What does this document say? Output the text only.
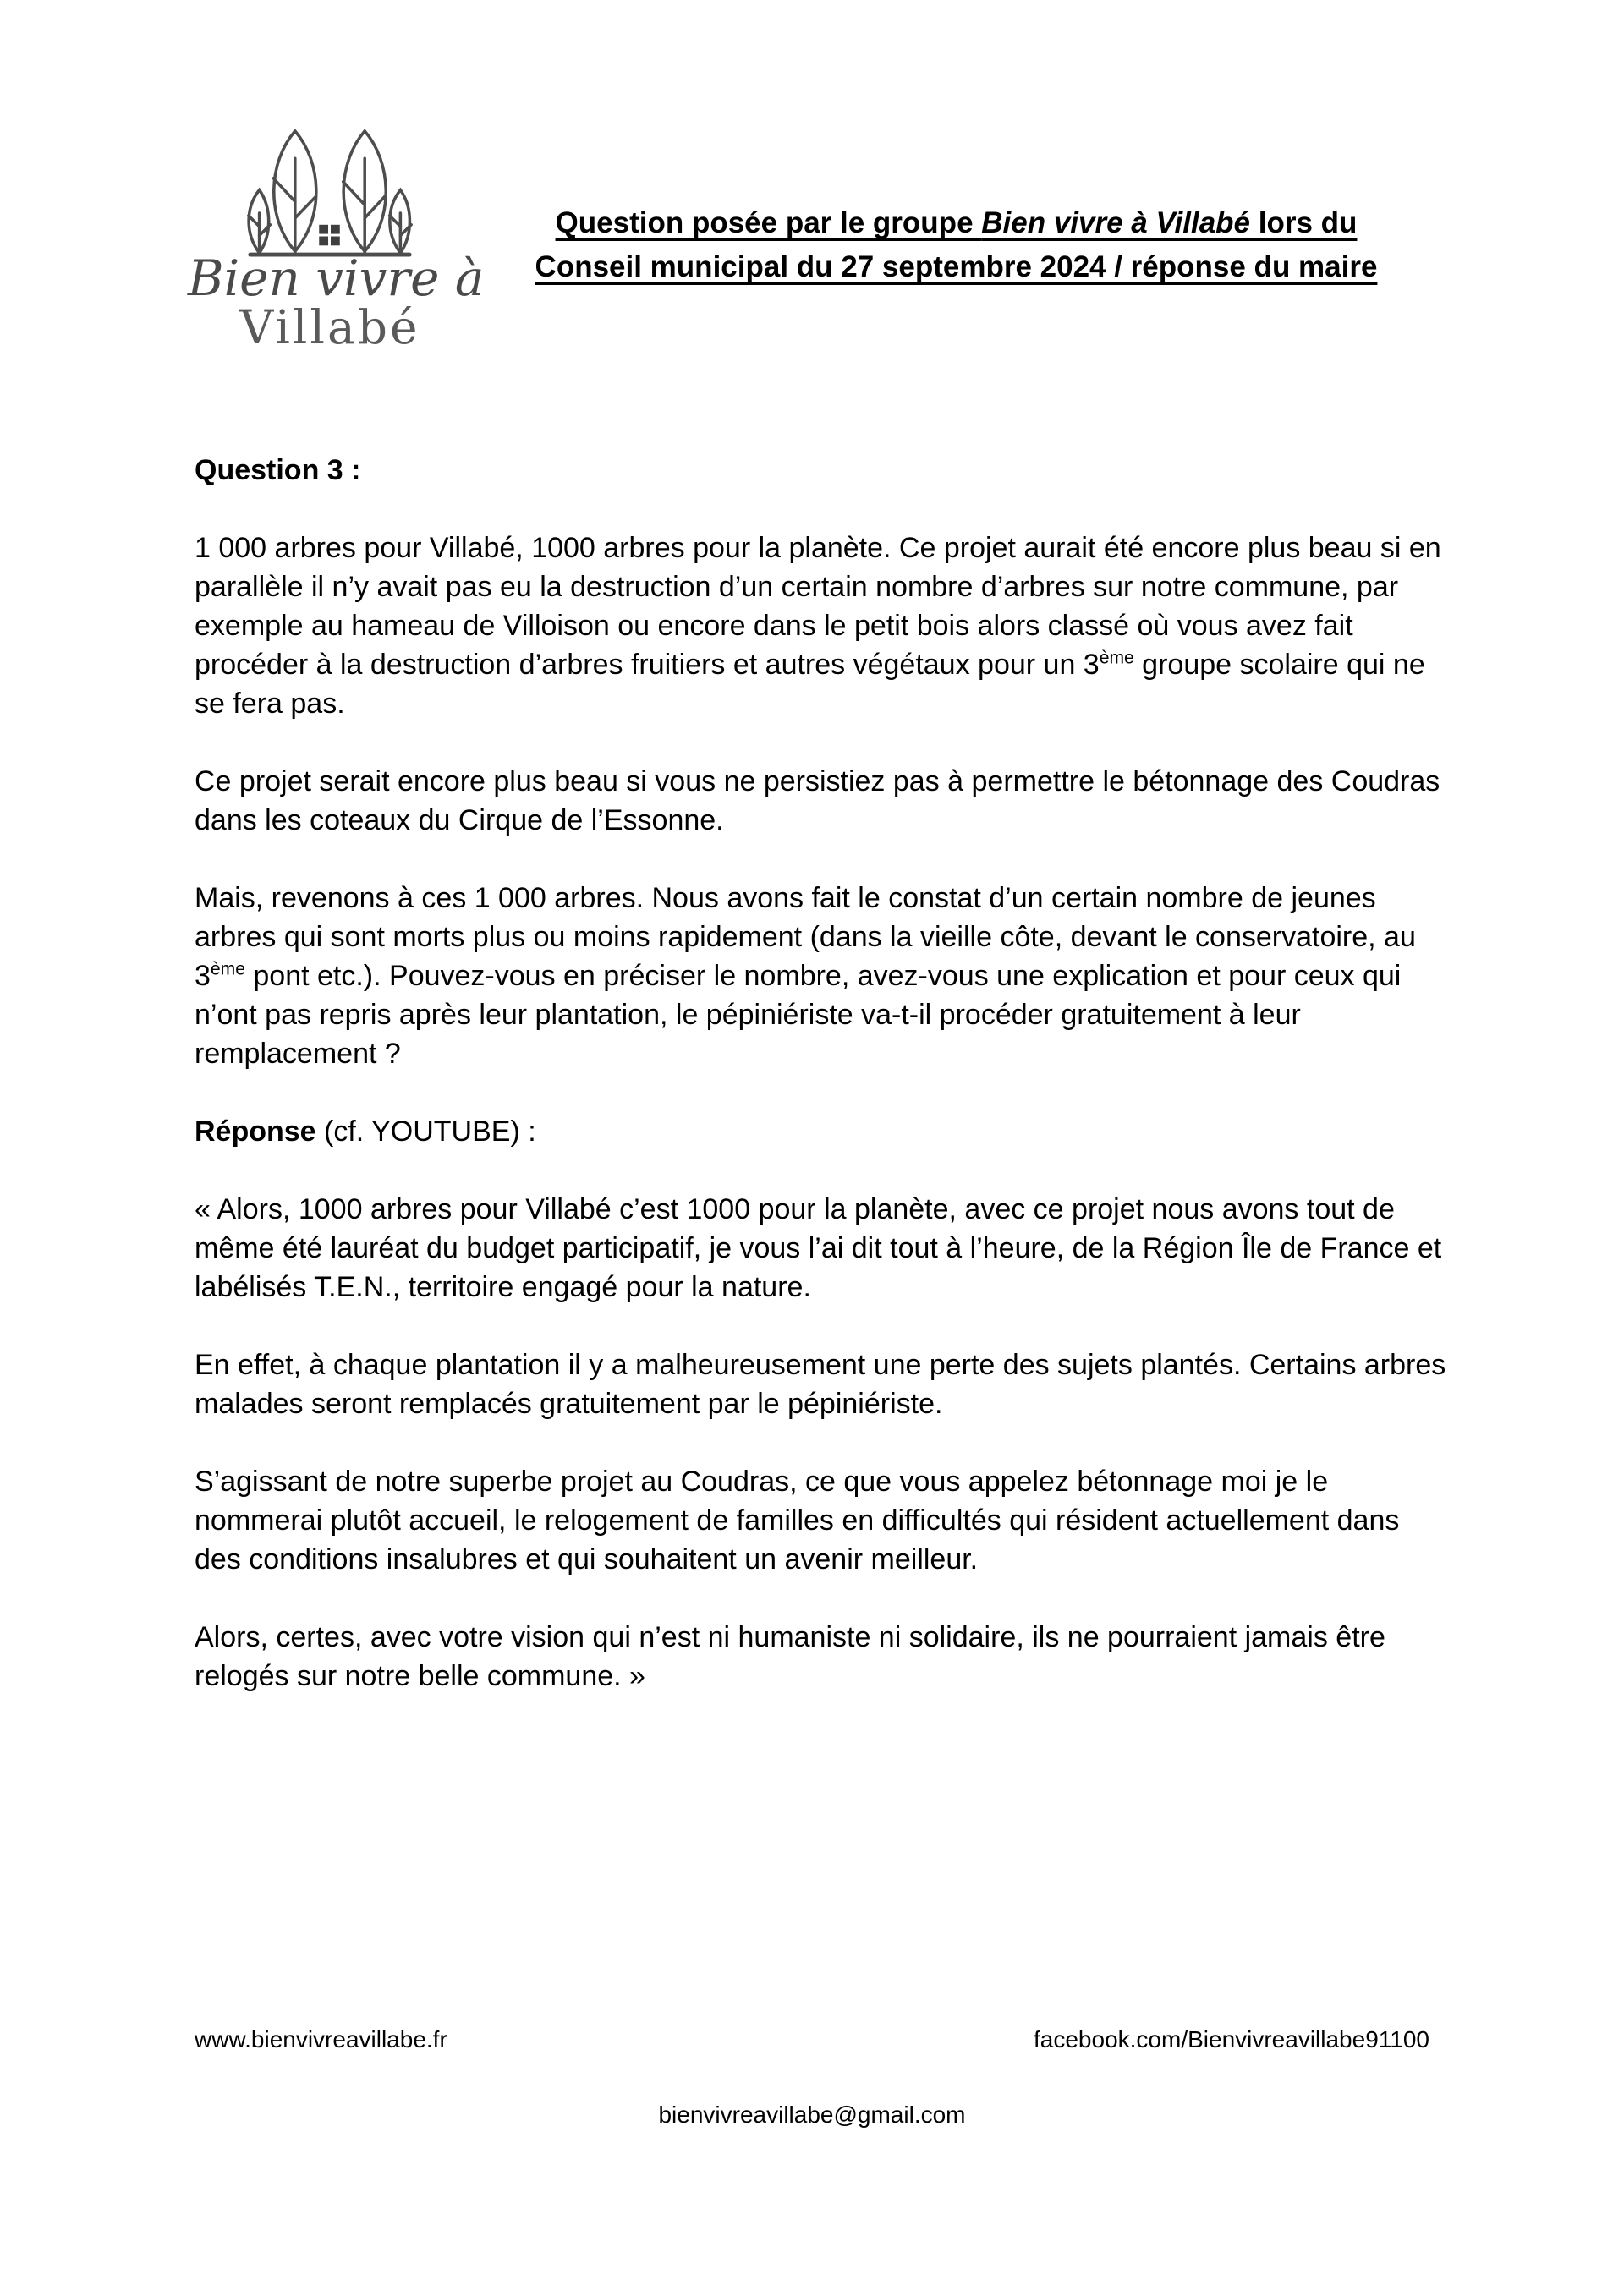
Bien vivre à
Villabé
Question posée par le groupe Bien vivre à Villabé lors du
Conseil municipal du 27 septembre 2024 / réponse du maire

Question 3 :

1 000 arbres pour Villabé, 1000 arbres pour la planète. Ce projet aurait été encore plus beau si en parallèle il n’y avait pas eu la destruction d’un certain nombre d’arbres sur notre commune, par exemple au hameau de Villoison ou encore dans le petit bois alors classé où vous avez fait procéder à la destruction d’arbres fruitiers et autres végétaux pour un 3ème groupe scolaire qui ne se fera pas.

Ce projet serait encore plus beau si vous ne persistiez pas à permettre le bétonnage des Coudras dans les coteaux du Cirque de l’Essonne.

Mais, revenons à ces 1 000 arbres. Nous avons fait le constat d’un certain nombre de jeunes arbres qui sont morts plus ou moins rapidement (dans la vieille côte, devant le conservatoire, au 3ème pont etc.). Pouvez-vous en préciser le nombre, avez-vous une explication et pour ceux qui n’ont pas repris après leur plantation, le pépiniériste va-t-il procéder gratuitement à leur remplacement ?

Réponse (cf. YOUTUBE) :

« Alors, 1000 arbres pour Villabé c’est 1000 pour la planète, avec ce projet nous avons tout de même été lauréat du budget participatif, je vous l’ai dit tout à l’heure, de la Région Île de France et labélisés T.E.N., territoire engagé pour la nature.

En effet, à chaque plantation il y a malheureusement une perte des sujets plantés. Certains arbres malades seront remplacés gratuitement par le pépiniériste.

S’agissant de notre superbe projet au Coudras, ce que vous appelez bétonnage moi je le nommerai plutôt accueil, le relogement de familles en difficultés qui résident actuellement dans des conditions insalubres et qui souhaitent un avenir meilleur.

Alors, certes, avec votre vision qui n’est ni humaniste ni solidaire, ils ne pourraient jamais être relogés sur notre belle commune. »

www.bienvivreavillabe.fr	facebook.com/Bienvivreavillabe91100
bienvivreavillabe@gmail.com
